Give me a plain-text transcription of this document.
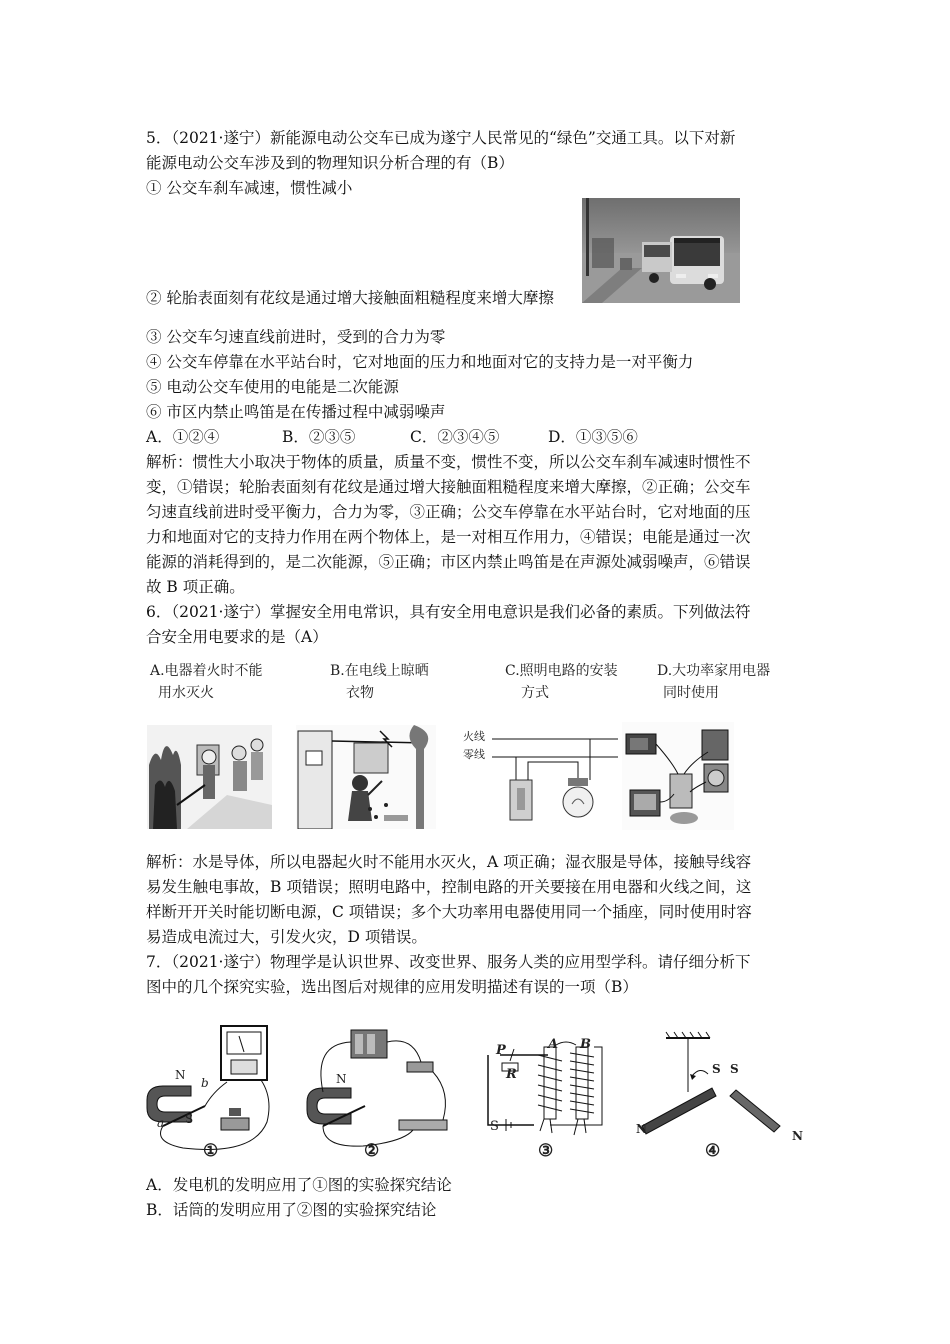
5．（2021·遂宁）新能源电动公交车已成为遂宁人民常见的“绿色”交通工具。以下对新
能源电动公交车涉及到的物理知识分析合理的有（B）
① 公交车刹车减速，惯性减小
② 轮胎表面刻有花纹是通过增大接触面粗糙程度来增大摩擦
③ 公交车匀速直线前进时，受到的合力为零
④ 公交车停靠在水平站台时，它对地面的压力和地面对它的支持力是一对平衡力
⑤ 电动公交车使用的电能是二次能源
⑥ 市区内禁止鸣笛是在传播过程中减弱噪声
A．①②④	B．②③⑤	C．②③④⑤	D．①③⑤⑥
解析：惯性大小取决于物体的质量，质量不变，惯性不变，所以公交车刹车减速时惯性不
变，①错误；轮胎表面刻有花纹是通过增大接触面粗糙程度来增大摩擦，②正确；公交车
匀速直线前进时受平衡力，合力为零，③正确；公交车停靠在水平站台时，它对地面的压
力和地面对它的支持力作用在两个物体上，是一对相互作用力，④错误；电能是通过一次
能源的消耗得到的，是二次能源，⑤正确；市区内禁止鸣笛是在声源处减弱噪声，⑥错误
故 B 项正确。
6．（2021·遂宁）掌握安全用电常识，具有安全用电意识是我们必备的素质。下列做法符
合安全用电要求的是（A）
A.电器着火时不能
用水灭火
B.在电线上晾晒
衣物
C.照明电路的安装
方式
D.大功率家用电器
同时使用
火线
零线
解析：水是导体，所以电器起火时不能用水灭火，A 项正确；湿衣服是导体，接触导线容
易发生触电事故，B 项错误；照明电路中，控制电路的开关要接在用电器和火线之间，这
样断开开关时能切断电源，C 项错误；多个大功率用电器使用同一个插座，同时使用时容
易造成电流过大，引发火灾，D 项错误。
7．（2021·遂宁）物理学是认识世界、改变世界、服务人类的应用型学科。请仔细分析下
图中的几个探究实验，选出图后对规律的应用发明描述有误的一项（B）
N
b
S
a
①
N
②
P
R
A B
S
③
S S
N	N
④
A．发电机的发明应用了①图的实验探究结论
B．话筒的发明应用了②图的实验探究结论
